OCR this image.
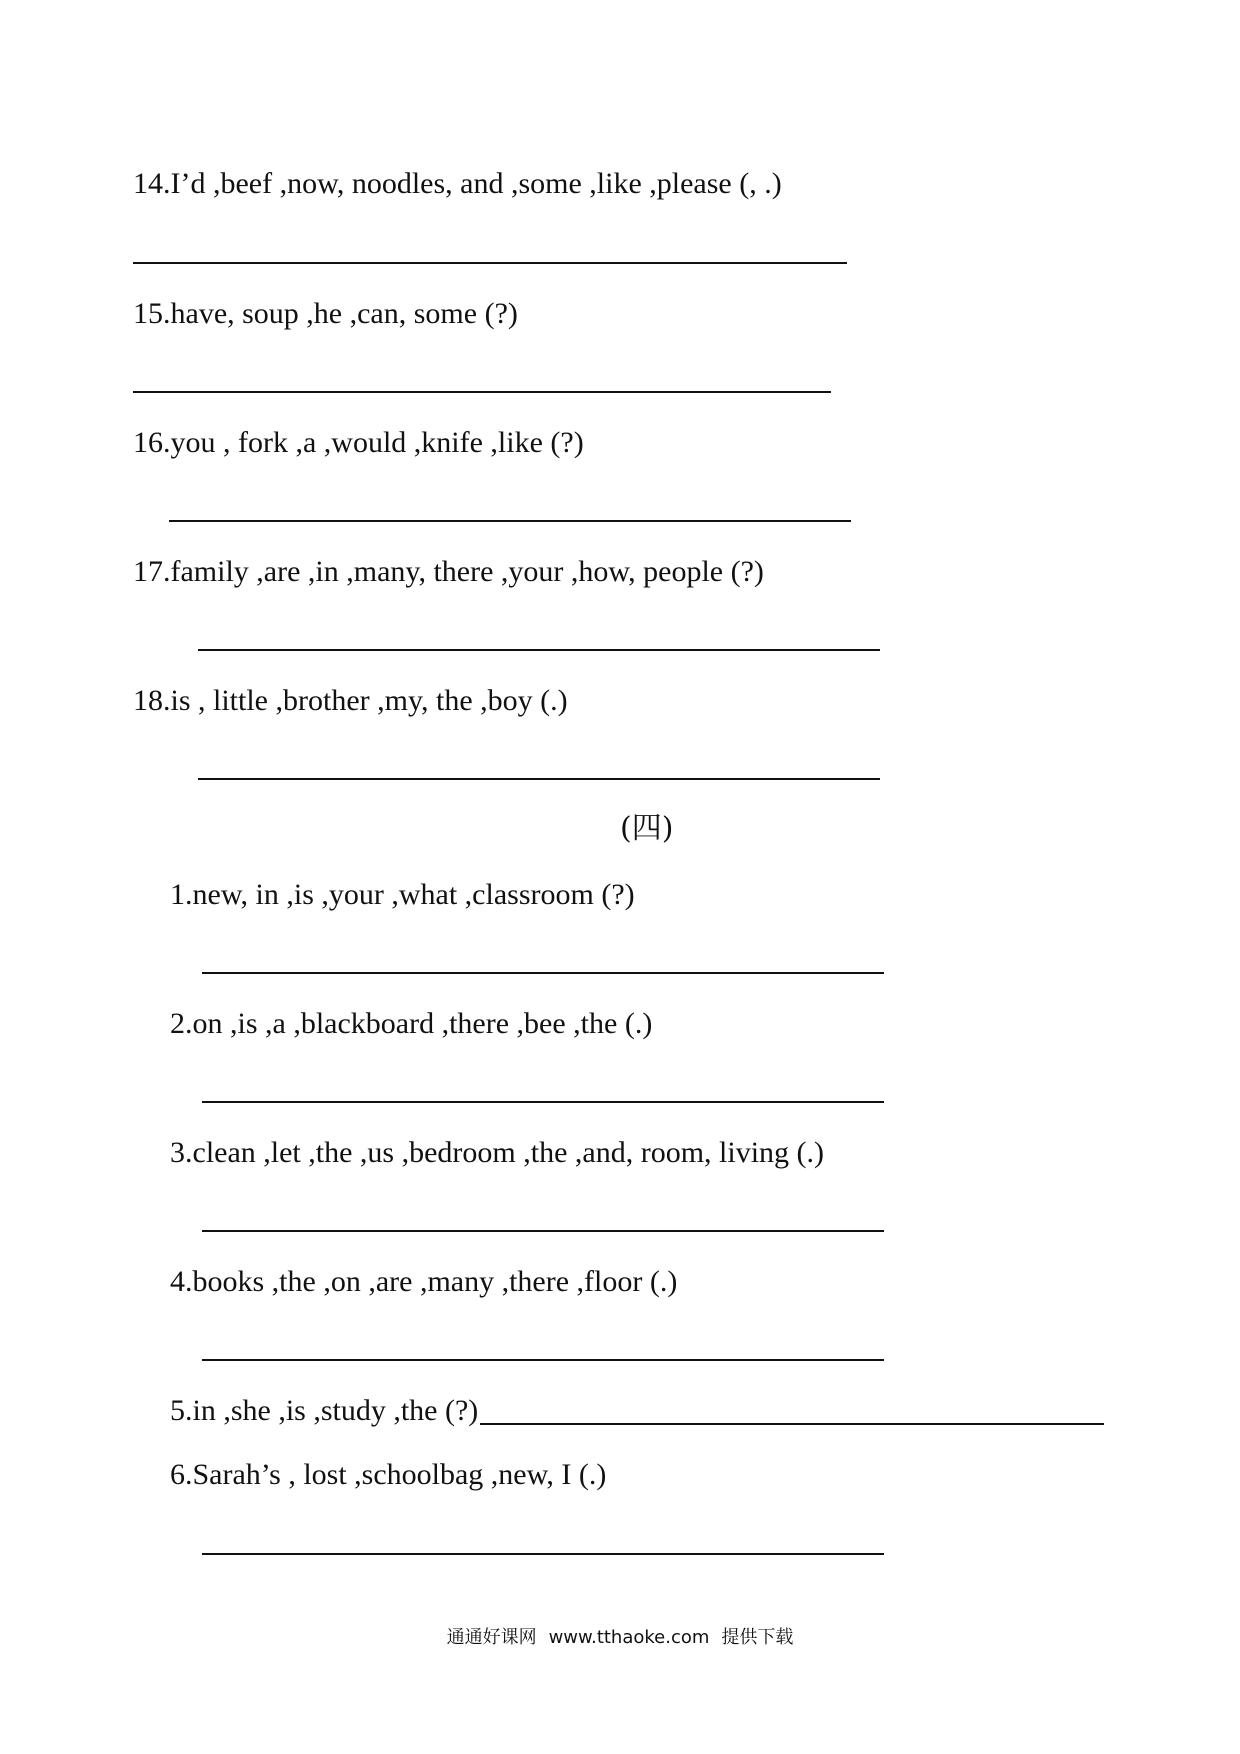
14.I’d ,beef ,now, noodles, and ,some ,like ,please (, .)
15.have, soup ,he ,can, some (?)
16.you , fork ,a ,would ,knife ,like (?)
17.family ,are ,in ,many, there ,your ,how, people (?)
18.is , little ,brother ,my, the ,boy (.)
(四)
1.new, in ,is ,your ,what ,classroom (?)
2.on ,is ,a ,blackboard ,there ,bee ,the (.)
3.clean ,let ,the ,us ,bedroom ,the ,and, room, living (.)
4.books ,the ,on ,are ,many ,there ,floor (.)
5.in ,she ,is ,study ,the (?)
6.Sarah’s , lost ,schoolbag ,new, I (.)
通通好课网 www.tthaoke.com 提供下载
